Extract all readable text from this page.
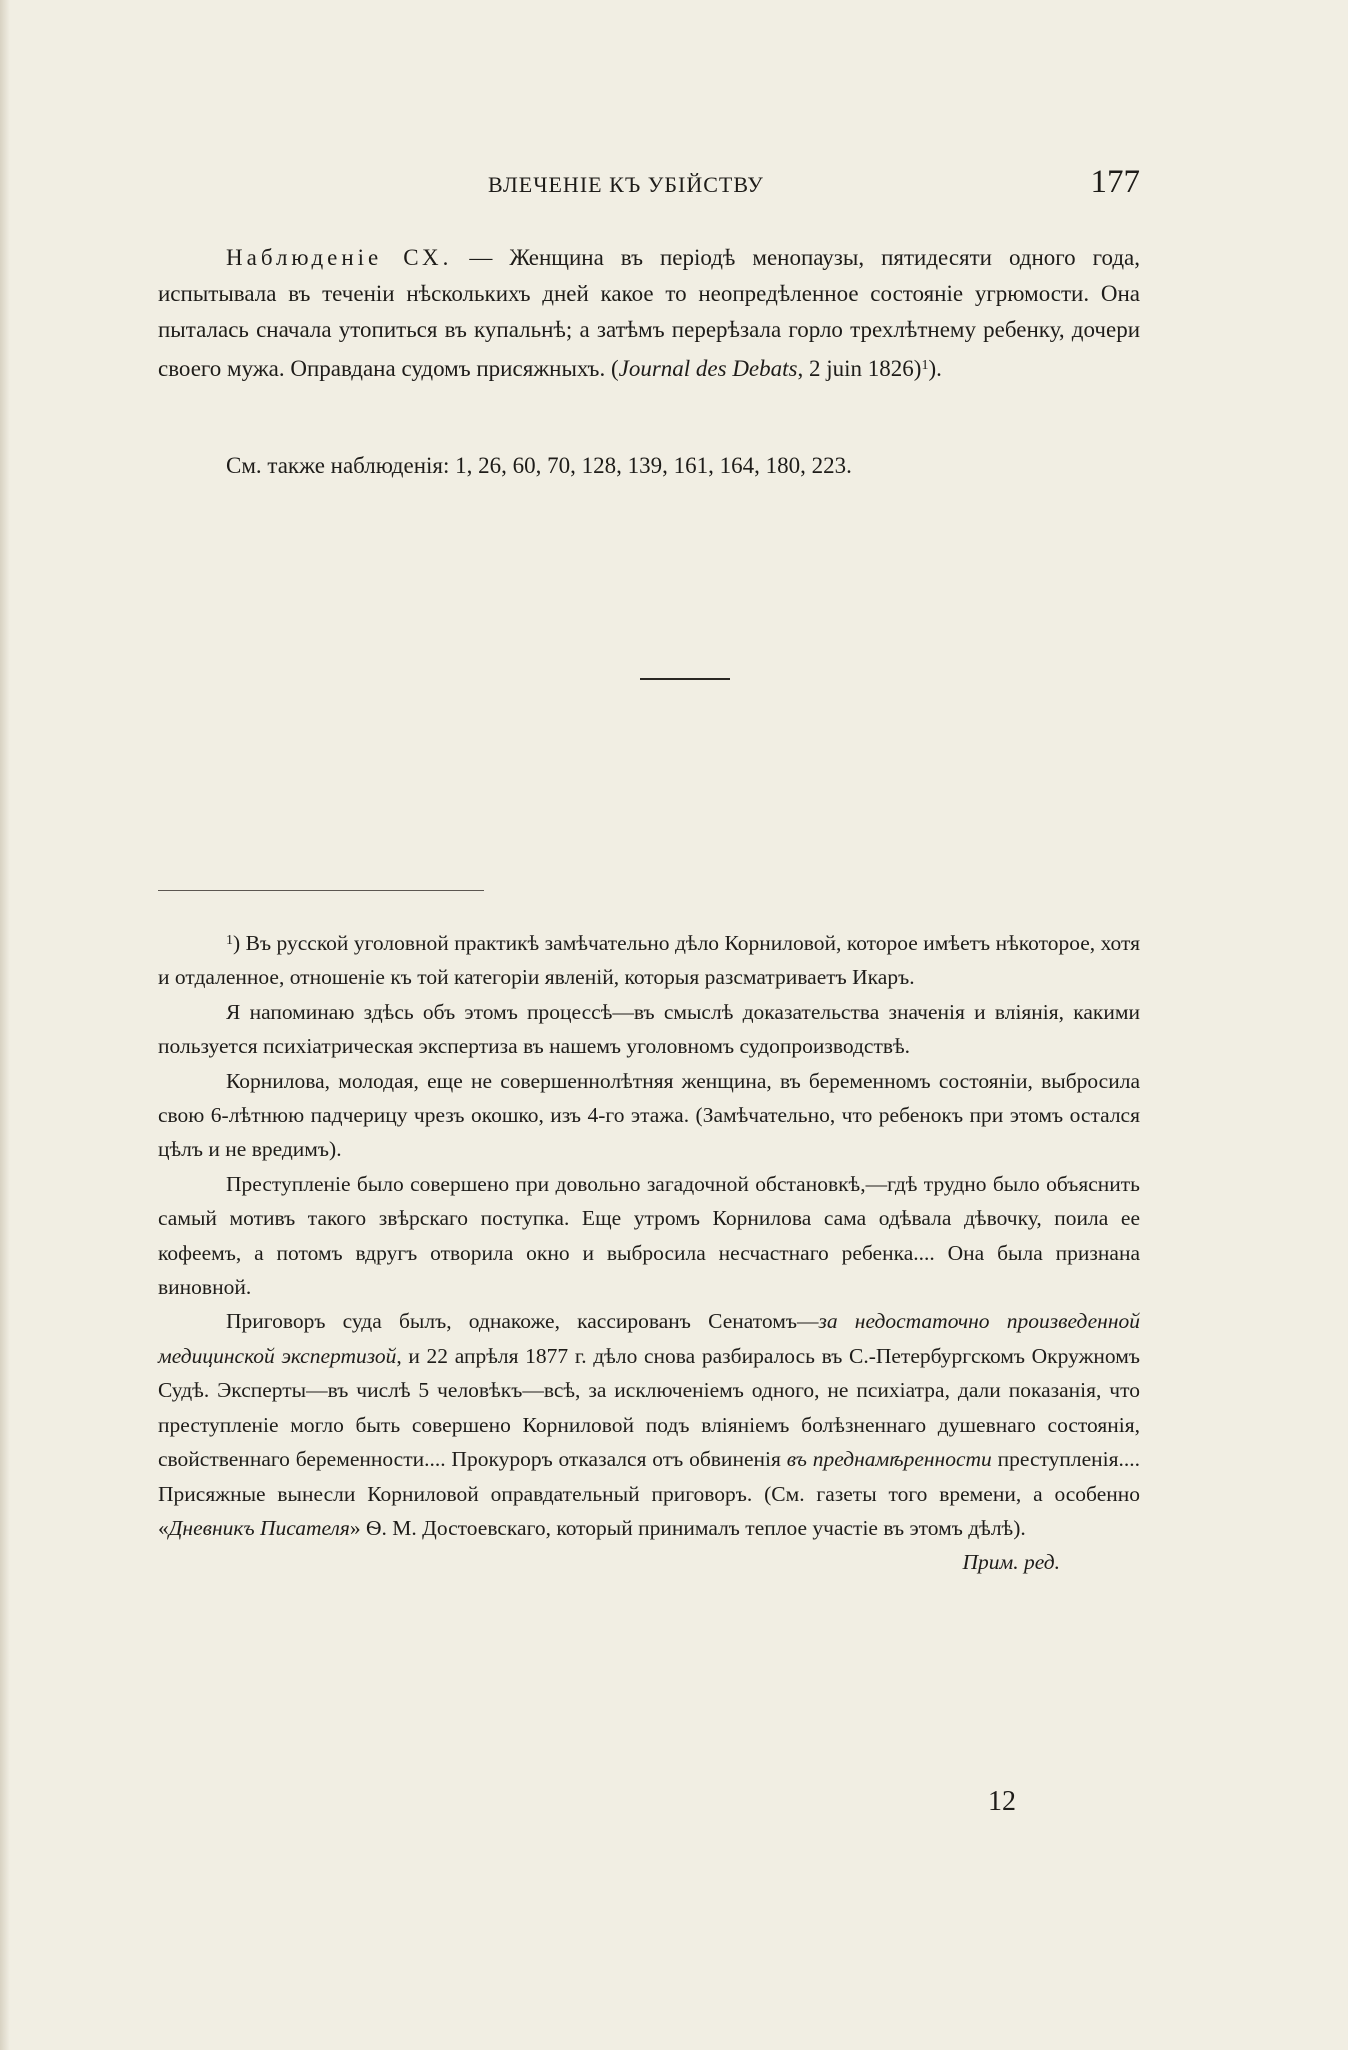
ВЛЕЧЕНІЕ КЪ УБІЙСТВУ	177

Наблюденіе СХ. — Женщина въ періодѣ менопаузы, пятидесяти одного года, испытывала въ теченіи нѣсколькихъ дней какое то неопредѣленное состояніе угрюмости. Она пыталась сначала утопиться въ купальнѣ; а затѣмъ перерѣзала горло трехлѣтнему ребенку, дочери своего мужа. Оправдана судомъ присяжныхъ. (Journal des Debats, 2 juin 1826)$^1$).

См. также наблюденія: 1, 26, 60, 70, 128, 139, 161, 164, 180, 223.

$^1$) Въ русской уголовной практикѣ замѣчательно дѣло Корниловой, которое имѣетъ нѣкоторое, хотя и отдаленное, отношеніе къ той категоріи явленій, которыя разсматриваетъ Икаръ.

Я напоминаю здѣсь объ этомъ процессѣ—въ смыслѣ доказательства значенія и вліянія, какими пользуется психіатрическая экспертиза въ нашемъ уголовномъ судопроизводствѣ.

Корнилова, молодая, еще не совершеннолѣтняя женщина, въ беременномъ состояніи, выбросила свою 6-лѣтнюю падчерицу чрезъ окошко, изъ 4-го этажа. (Замѣчательно, что ребенокъ при этомъ остался цѣлъ и не вредимъ).

Преступленіе было совершено при довольно загадочной обстановкѣ,—гдѣ трудно было объяснить самый мотивъ такого звѣрскаго поступка. Еще утромъ Корнилова сама одѣвала дѣвочку, поила ее кофеемъ, а потомъ вдругъ отворила окно и выбросила несчастнаго ребенка.... Она была признана виновной.

Приговоръ суда былъ, однакоже, кассированъ Сенатомъ—за недостаточно произведенной медицинской экспертизой, и 22 апрѣля 1877 г. дѣло снова разбиралось въ С.-Петербургскомъ Окружномъ Судѣ. Эксперты—въ числѣ 5 человѣкъ—всѣ, за исключеніемъ одного, не психіатра, дали показанія, что преступленіе могло быть совершено Корниловой подъ вліяніемъ болѣзненнаго душевнаго состоянія, свойственнаго беременности.... Прокуроръ отказался отъ обвиненія въ преднамѣренности преступленія.... Присяжные вынесли Корниловой оправдательный приговоръ. (См. газеты того времени, а особенно «Дневникъ Писателя» Ѳ. М. Достоевскаго, который принималъ теплое участіе въ этомъ дѣлѣ).
Прим. ред.

12
